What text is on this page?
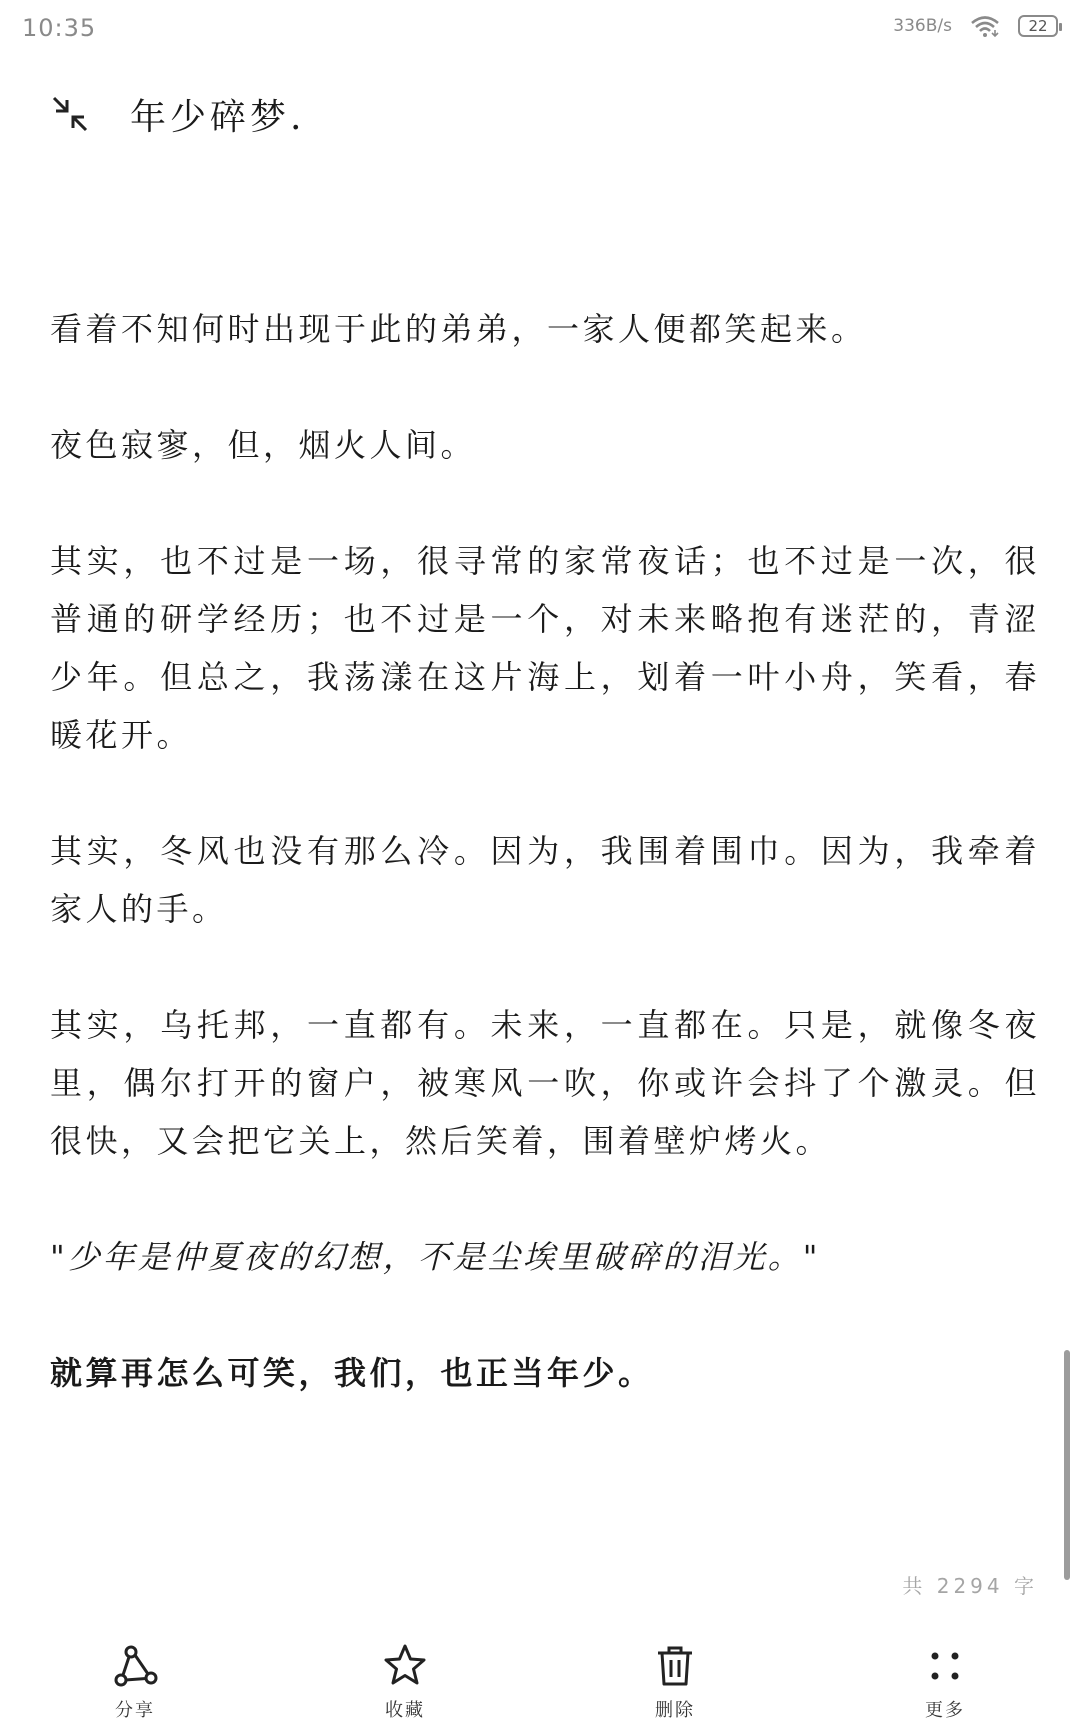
10:35	336B/s	22
年少碎梦.

看着不知何时出现于此的弟弟，一家人便都笑起来。

夜色寂寥，但，烟火人间。

其实，也不过是一场，很寻常的家常夜话；也不过是一次，很普通的研学经历；也不过是一个，对未来略抱有迷茫的，青涩少年。但总之，我荡漾在这片海上，划着一叶小舟，笑看，春暖花开。

其实，冬风也没有那么冷。因为，我围着围巾。因为，我牵着家人的手。

其实，乌托邦，一直都有。未来，一直都在。只是，就像冬夜里，偶尔打开的窗户，被寒风一吹，你或许会抖了个激灵。但很快，又会把它关上，然后笑着，围着壁炉烤火。

"少年是仲夏夜的幻想，不是尘埃里破碎的泪光。"

就算再怎么可笑，我们，也正当年少。

共 2294 字
分享	收藏	删除	更多
